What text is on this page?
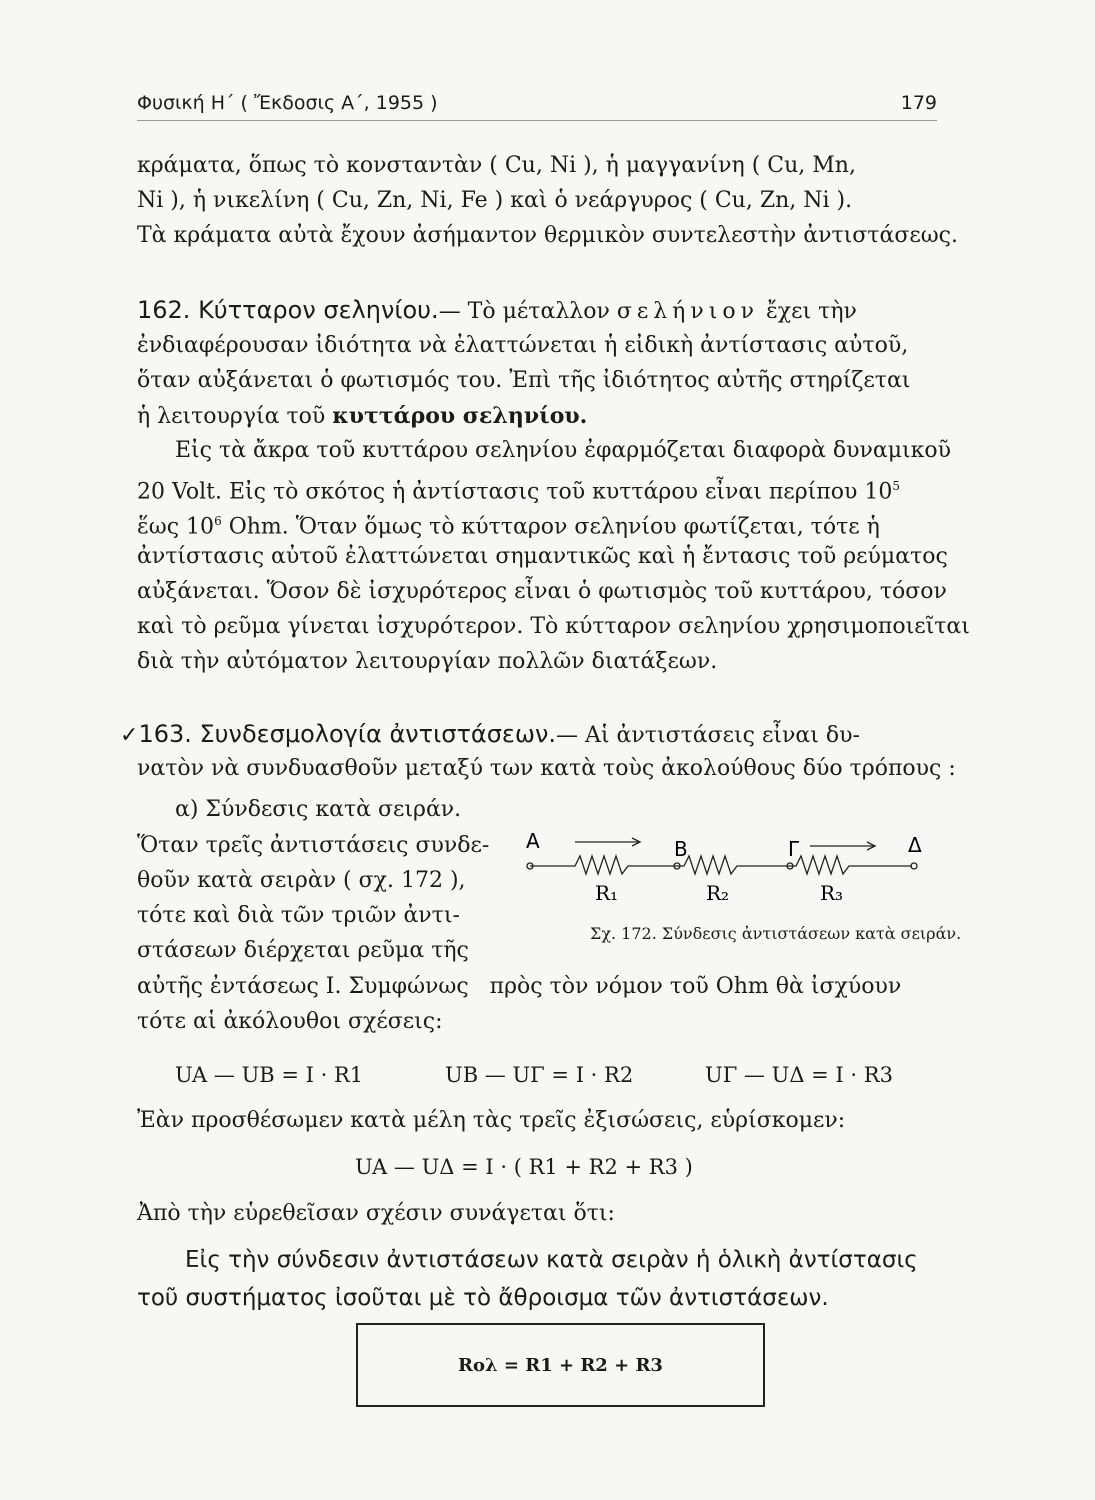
Φυσική Η΄ ( Ἔκδοσις Α΄, 1955 )	179
κράματα, ὅπως τὸ κονσταντὰν ( Cu, Ni ), ἡ μαγγανίνη ( Cu, Mn,
Ni ), ἡ νικελίνη ( Cu, Zn, Ni, Fe ) καὶ ὁ νεάργυρος ( Cu, Zn, Ni ).
Τὰ κράματα αὐτὰ ἔχουν ἀσήμαντον θερμικὸν συντελεστὴν ἀντιστάσεως.
162. Κύτταρον σεληνίου.— Τὸ μέταλλον σελήνιον ἔχει τὴν
ἐνδιαφέρουσαν ἰδιότητα νὰ ἐλαττώνεται ἡ εἰδικὴ ἀντίστασις αὐτοῦ,
ὅταν αὐξάνεται ὁ φωτισμός του. Ἐπὶ τῆς ἰδιότητος αὐτῆς στηρίζεται
ἡ λειτουργία τοῦ κυττάρου σεληνίου.
Εἰς τὰ ἄκρα τοῦ κυττάρου σεληνίου ἐφαρμόζεται διαφορὰ δυναμικοῦ
20 Volt. Εἰς τὸ σκότος ἡ ἀντίστασις τοῦ κυττάρου εἶναι περίπου $10^5$
ἕως $10^6$ Ohm. Ὅταν ὅμως τὸ κύτταρον σεληνίου φωτίζεται, τότε ἡ
ἀντίστασις αὐτοῦ ἐλαττώνεται σημαντικῶς καὶ ἡ ἔντασις τοῦ ρεύματος
αὐξάνεται. Ὅσον δὲ ἰσχυρότερος εἶναι ὁ φωτισμὸς τοῦ κυττάρου, τόσον
καὶ τὸ ρεῦμα γίνεται ἰσχυρότερον. Τὸ κύτταρον σεληνίου χρησιμοποιεῖται
διὰ τὴν αὐτόματον λειτουργίαν πολλῶν διατάξεων.
✓163. Συνδεσμολογία ἀντιστάσεων.— Αἱ ἀντιστάσεις εἶναι δυ-
νατὸν νὰ συνδυασθοῦν μεταξύ των κατὰ τοὺς ἀκολούθους δύο τρόπους :
α) Σύνδεσις κατὰ σειράν.
Ὅταν τρεῖς ἀντιστάσεις συνδε-
θοῦν κατὰ σειρὰν ( σχ. 172 ),
τότε καὶ διὰ τῶν τριῶν ἀντι-
στάσεων διέρχεται ρεῦμα τῆς
αὐτῆς ἐντάσεως I. Συμφώνως πρὸς τὸν νόμον τοῦ Ohm θὰ ἰσχύουν
τότε αἱ ἀκόλουθοι σχέσεις:
Α	Β	Γ	Δ
R₁	R₂	R₃
Σχ. 172. Σύνδεσις ἀντιστάσεων κατὰ σειράν.
UA — UB = I · R1	UB — UΓ = I · R2	UΓ — UΔ = I · R3
Ἐὰν προσθέσωμεν κατὰ μέλη τὰς τρεῖς ἐξισώσεις, εὑρίσκομεν:
UA — UΔ = I · ( R1 + R2 + R3 )
Ἀπὸ τὴν εὑρεθεῖσαν σχέσιν συνάγεται ὅτι:
Εἰς τὴν σύνδεσιν ἀντιστάσεων κατὰ σειρὰν ἡ ὁλικὴ ἀντίστασις
τοῦ συστήματος ἰσοῦται μὲ τὸ ἄθροισμα τῶν ἀντιστάσεων.
Rολ = R1 + R2 + R3
